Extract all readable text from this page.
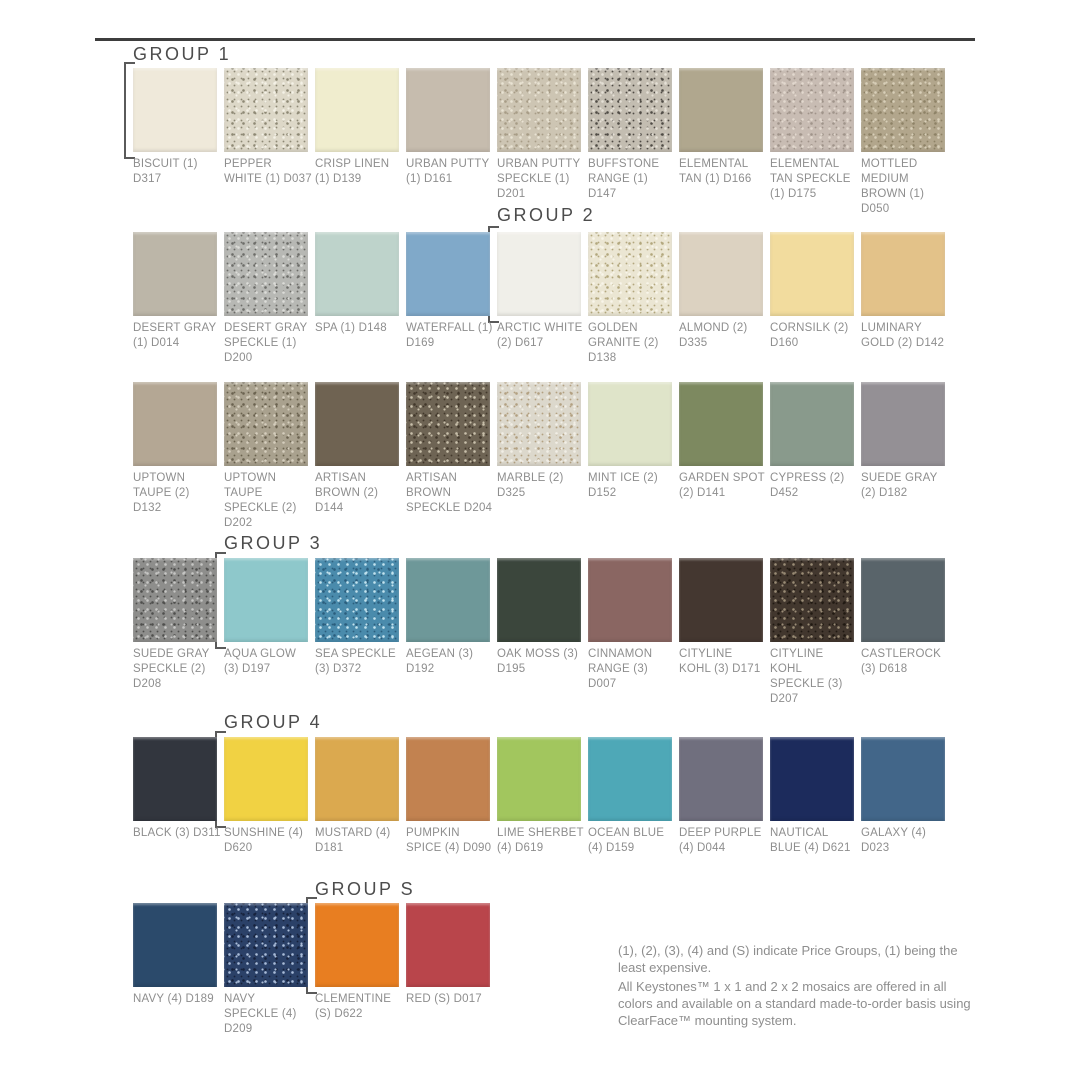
GROUP 1
BISCUIT (1) D317
PEPPER WHITE (1) D037
CRISP LINEN (1) D139
URBAN PUTTY (1) D161
URBAN PUTTY SPECKLE (1) D201
BUFFSTONE RANGE (1) D147
ELEMENTAL TAN (1) D166
ELEMENTAL TAN SPECKLE (1) D175
MOTTLED MEDIUM BROWN (1) D050
GROUP 2
DESERT GRAY (1) D014
DESERT GRAY SPECKLE (1) D200
SPA (1) D148	WATERFALL (1) D169
ARCTIC WHITE (2) D617
GOLDEN GRANITE (2) D138
ALMOND (2) D335
CORNSILK (2) D160
LUMINARY GOLD (2) D142
UPTOWN TAUPE (2) D132
UPTOWN TAUPE SPECKLE (2) D202
ARTISAN BROWN (2) D144
ARTISAN BROWN SPECKLE D204
MARBLE (2) D325
MINT ICE (2) D152
GARDEN SPOT (2) D141
CYPRESS (2) D452
SUEDE GRAY (2) D182
GROUP 3
SUEDE GRAY SPECKLE (2) D208
AQUA GLOW (3) D197
SEA SPECKLE (3) D372
AEGEAN (3) D192
OAK MOSS (3) D195
CINNAMON RANGE (3) D007
CITYLINE KOHL (3) D171
CITYLINE KOHL SPECKLE (3) D207
CASTLEROCK (3) D618
GROUP 4
BLACK (3) D311 SUNSHINE (4) D620
MUSTARD (4) D181
PUMPKIN SPICE (4) D090
LIME SHERBET (4) D619
OCEAN BLUE (4) D159
DEEP PURPLE (4) D044
NAUTICAL BLUE (4) D621
GALAXY (4) D023
GROUP S
NAVY (4) D189 NAVY SPECKLE (4) D209
CLEMENTINE (S) D622
RED (S) D017

(1), (2), (3), (4) and (S) indicate Price Groups, (1) being the least expensive.

All Keystones™ 1 x 1 and 2 x 2 mosaics are offered in all colors and available on a standard made-to-order basis using ClearFace™ mounting system.
